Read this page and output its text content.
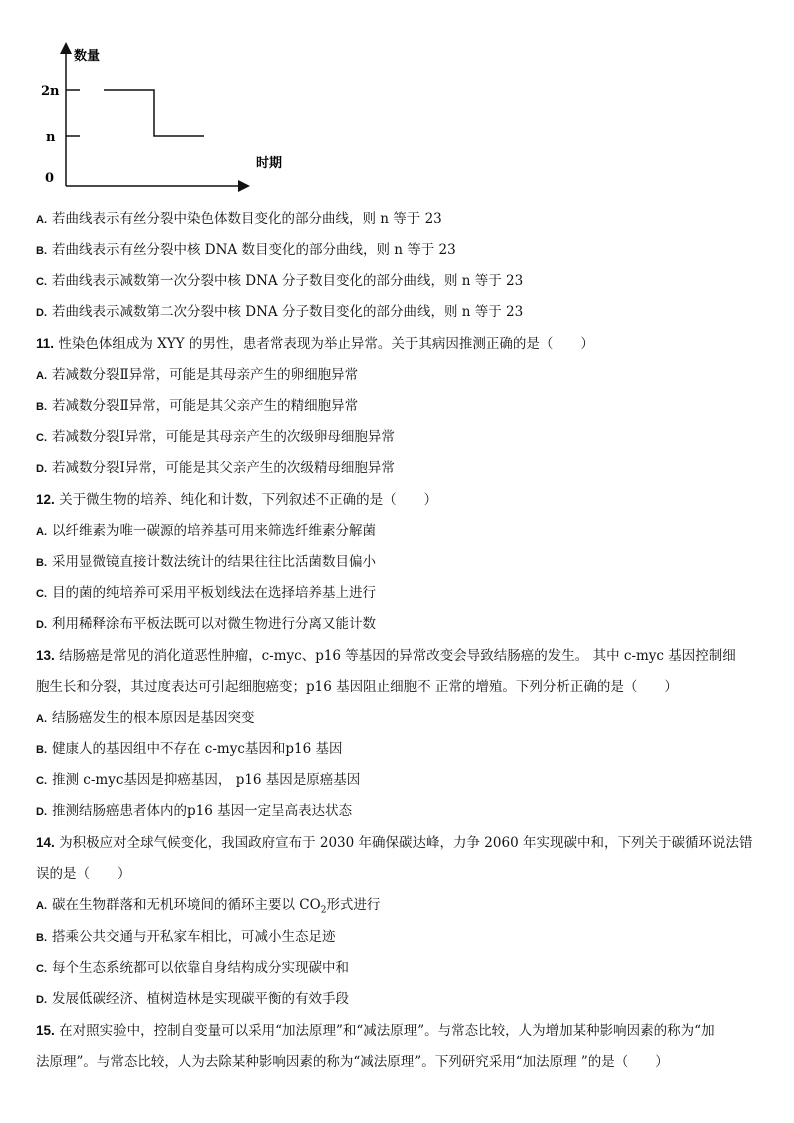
数量
时期
2n
n
0
A. 若曲线表示有丝分裂中染色体数目变化的部分曲线，则 n 等于 23
B. 若曲线表示有丝分裂中核 DNA 数目变化的部分曲线，则 n 等于 23
C. 若曲线表示减数第一次分裂中核 DNA 分子数目变化的部分曲线，则 n 等于 23
D. 若曲线表示减数第二次分裂中核 DNA 分子数目变化的部分曲线，则 n 等于 23
11. 性染色体组成为 XYY 的男性，患者常表现为举止异常。关于其病因推测正确的是（　　）
A. 若减数分裂Ⅱ异常，可能是其母亲产生的卵细胞异常
B. 若减数分裂Ⅱ异常，可能是其父亲产生的精细胞异常
C. 若减数分裂Ⅰ异常，可能是其母亲产生的次级卵母细胞异常
D. 若减数分裂Ⅰ异常，可能是其父亲产生的次级精母细胞异常
12. 关于微生物的培养、纯化和计数，下列叙述不正确的是（　　）
A. 以纤维素为唯一碳源的培养基可用来筛选纤维素分解菌
B. 采用显微镜直接计数法统计的结果往往比活菌数目偏小
C. 目的菌的纯培养可采用平板划线法在选择培养基上进行
D. 利用稀释涂布平板法既可以对微生物进行分离又能计数
13. 结肠癌是常见的消化道恶性肿瘤，c-myc、p16 等基因的异常改变会导致结肠癌的发生。 其中 c-myc 基因控制细
胞生长和分裂，其过度表达可引起细胞癌变；p16 基因阻止细胞不 正常的增殖。下列分析正确的是（　　）
A. 结肠癌发生的根本原因是基因突变
B. 健康人的基因组中不存在 c-myc基因和p16 基因
C. 推测 c-myc基因是抑癌基因， p16 基因是原癌基因
D. 推测结肠癌患者体内的p16 基因一定呈高表达状态
14. 为积极应对全球气候变化，我国政府宣布于 2030 年确保碳达峰，力争 2060 年实现碳中和，下列关于碳循环说法错
误的是（　　）
A. 碳在生物群落和无机环境间的循环主要以 $CO_2$形式进行
B. 搭乘公共交通与开私家车相比，可减小生态足迹
C. 每个生态系统都可以依靠自身结构成分实现碳中和
D. 发展低碳经济、植树造林是实现碳平衡的有效手段
15. 在对照实验中，控制自变量可以采用“加法原理”和“减法原理”。与常态比较，人为增加某种影响因素的称为“加
法原理”。与常态比较，人为去除某种影响因素的称为“减法原理”。下列研究采用“加法原理 ”的是（　　）
